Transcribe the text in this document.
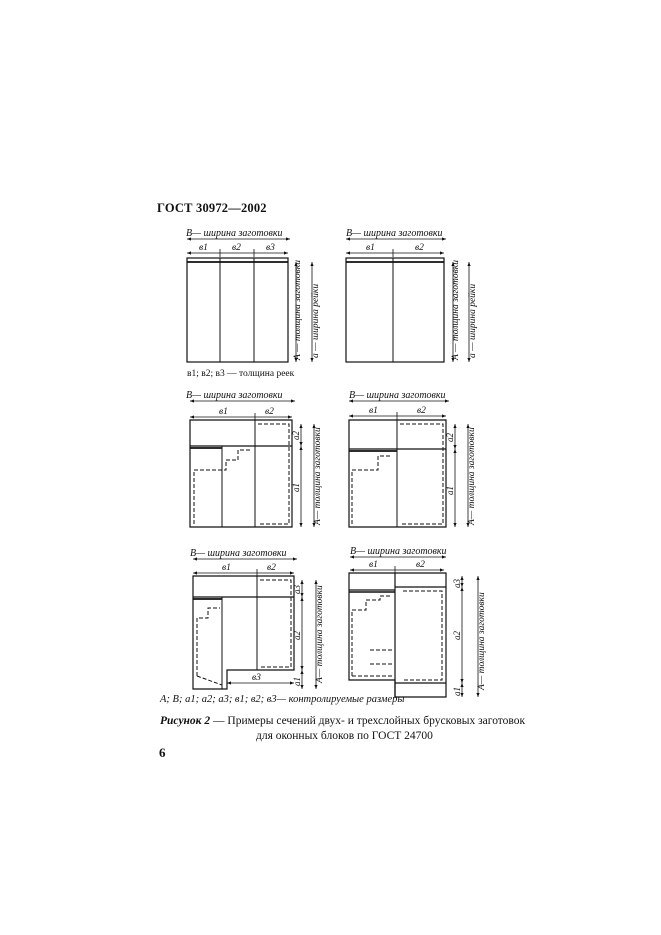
ГОСТ 30972—2002
B— ширина заготовки
в1	в2	в3
A — толщина заготовки a — ширина рейки
в1; в2; в3 — толщина реек
B— ширина заготовки
в1	в2
A — толщина заготовки a — ширина рейки
B— ширина заготовки
в1	в2
a2
a1 A— толщина заготовки
B— ширина заготовки
в1	в2
a2
a1 A— толщина заготовки
B— ширина заготовки
в1	в2
в3
a3
a2
a1 A— толщина заготовки
B— ширина заготовки
в1	в2
a3
a2
a1
A— толщина заготовки
A; B; a1; a2; a3; в1; в2; в3— контролируемые размеры
Рисунок 2 — Примеры сечений двух- и трехслойных брусковых заготовок
для оконных блоков по ГОСТ 24700
6
